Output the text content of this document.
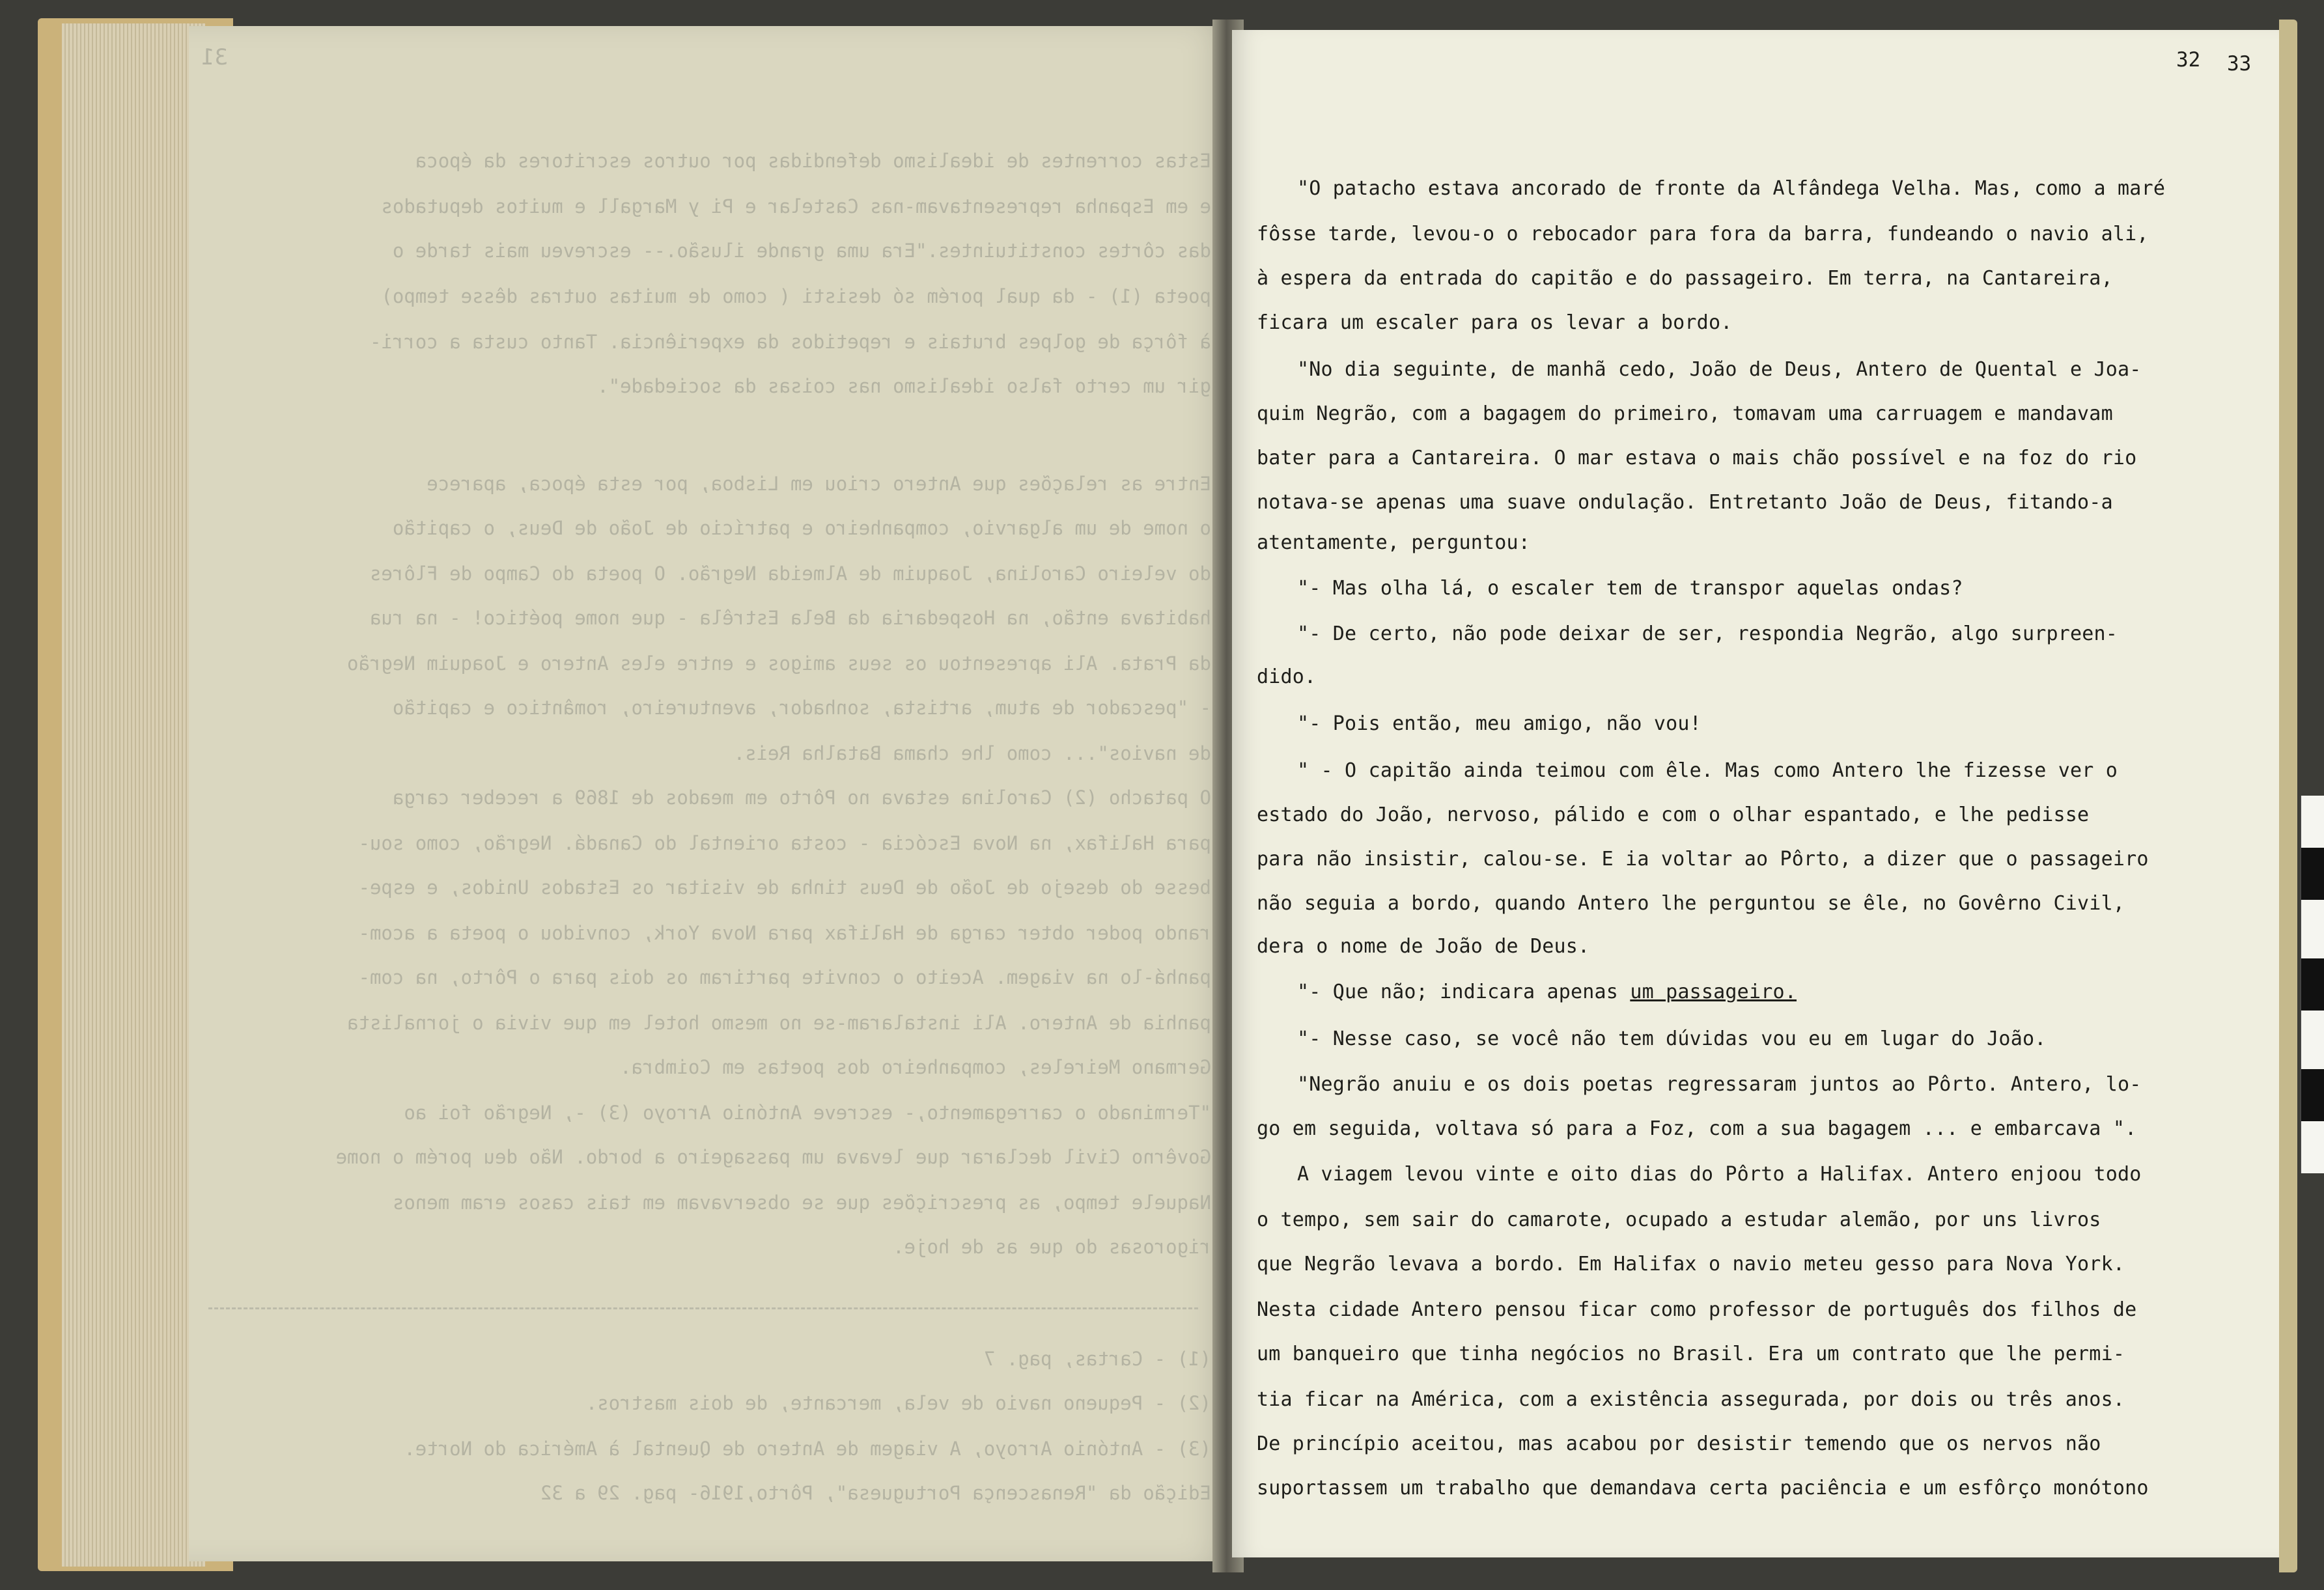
31

Estas correntes de idealismo defendidas por outros escritores da época

e em Espanha representavam-nas Castelar e Pi y Margall e muitos deputados

das côrtes constituintes."Era uma grande ilusão.-- escreveu mais tarde o

poeta (1) - da qual porém só desisti ( como de muitas outras dêsse tempo)

à fôrça de golpes brutais e repetidos da experiência. Tanto custa a corri-

gir um certo falso idealismo nas coisas da sociedade".

Entre as relações que Antero criou em Lisboa, por esta época, aparece

o nome de um algarvio, companheiro e patrício de João de Deus, o capitão

do veleiro Carolina, Joaquim de Almeida Negrão. O poeta do Campo de Flôres

habitava então, na Hospedaria da Bela Estrêla - que nome poético! - na rua

da Prata. Ali apresentou os seus amigos e entre eles Antero e Joaquim Negrão

- "pescador de atum, artista, sonhador, aventureiro, romântico e capitão

de navios"... como lhe chama Batalha Reis.

O patacho (2) Carolina estava no Pôrto em meados de 1869 a receber carga

para Halifax, na Nova Escócia - costa oriental do Canadá. Negrão, como sou-

besse do desejo de João de Deus tinha de visitar os Estados Unidos, e espe-

rando poder obter carga de Halifax para Nova York, convidou o poeta a acom-

panhá-lo na viagem. Aceito o convite partiram os dois para o Pôrto, na com-

panhia de Antero. Ali instalaram-se no mesmo hotel em que vivia o jornalista

Germano Meireles, companheiro dos poetas em Coimbra.

"Terminado o carregamento,- escreve António Arroyo (3) -, Negrão foi ao

Govêrno Civil declarar que levava um passageiro a bordo. Não deu porém o nome

Naquele tempo, as prescrições que se observavam em tais casos eram menos

rigorosas do que as de hoje.

(1) - Cartas, pag. 7

(2) - Pequeno navio de vela, mercante, de dois mastros.

(3) - António Arroyo, A viagem de Antero de Quental à América do Norte.

Edição da "Renascença Portuguesa", Pôrto,1916- pag. 29 a 32

32 33

"O patacho estava ancorado de fronte da Alfândega Velha. Mas, como a maré

fôsse tarde, levou-o o rebocador para fora da barra, fundeando o navio ali,

à espera da entrada do capitão e do passageiro. Em terra, na Cantareira,

ficara um escaler para os levar a bordo.

"No dia seguinte, de manhã cedo, João de Deus, Antero de Quental e Joa-

quim Negrão, com a bagagem do primeiro, tomavam uma carruagem e mandavam

bater para a Cantareira. O mar estava o mais chão possível e na foz do rio

notava-se apenas uma suave ondulação. Entretanto João de Deus, fitando-a

atentamente, perguntou:

"- Mas olha lá, o escaler tem de transpor aquelas ondas?

"- De certo, não pode deixar de ser, respondia Negrão, algo surpreen-

dido.

"- Pois então, meu amigo, não vou!

" - O capitão ainda teimou com êle. Mas como Antero lhe fizesse ver o

estado do João, nervoso, pálido e com o olhar espantado, e lhe pedisse

para não insistir, calou-se. E ia voltar ao Pôrto, a dizer que o passageiro

não seguia a bordo, quando Antero lhe perguntou se êle, no Govêrno Civil,

dera o nome de João de Deus.

"- Que não; indicara apenas um passageiro.

"- Nesse caso, se você não tem dúvidas vou eu em lugar do João.

"Negrão anuiu e os dois poetas regressaram juntos ao Pôrto. Antero, lo-

go em seguida, voltava só para a Foz, com a sua bagagem ... e embarcava ".

A viagem levou vinte e oito dias do Pôrto a Halifax. Antero enjoou todo

o tempo, sem sair do camarote, ocupado a estudar alemão, por uns livros

que Negrão levava a bordo. Em Halifax o navio meteu gesso para Nova York.

Nesta cidade Antero pensou ficar como professor de português dos filhos de

um banqueiro que tinha negócios no Brasil. Era um contrato que lhe permi-

tia ficar na América, com a existência assegurada, por dois ou três anos.

De princípio aceitou, mas acabou por desistir temendo que os nervos não

suportassem um trabalho que demandava certa paciência e um esfôrço monótono
